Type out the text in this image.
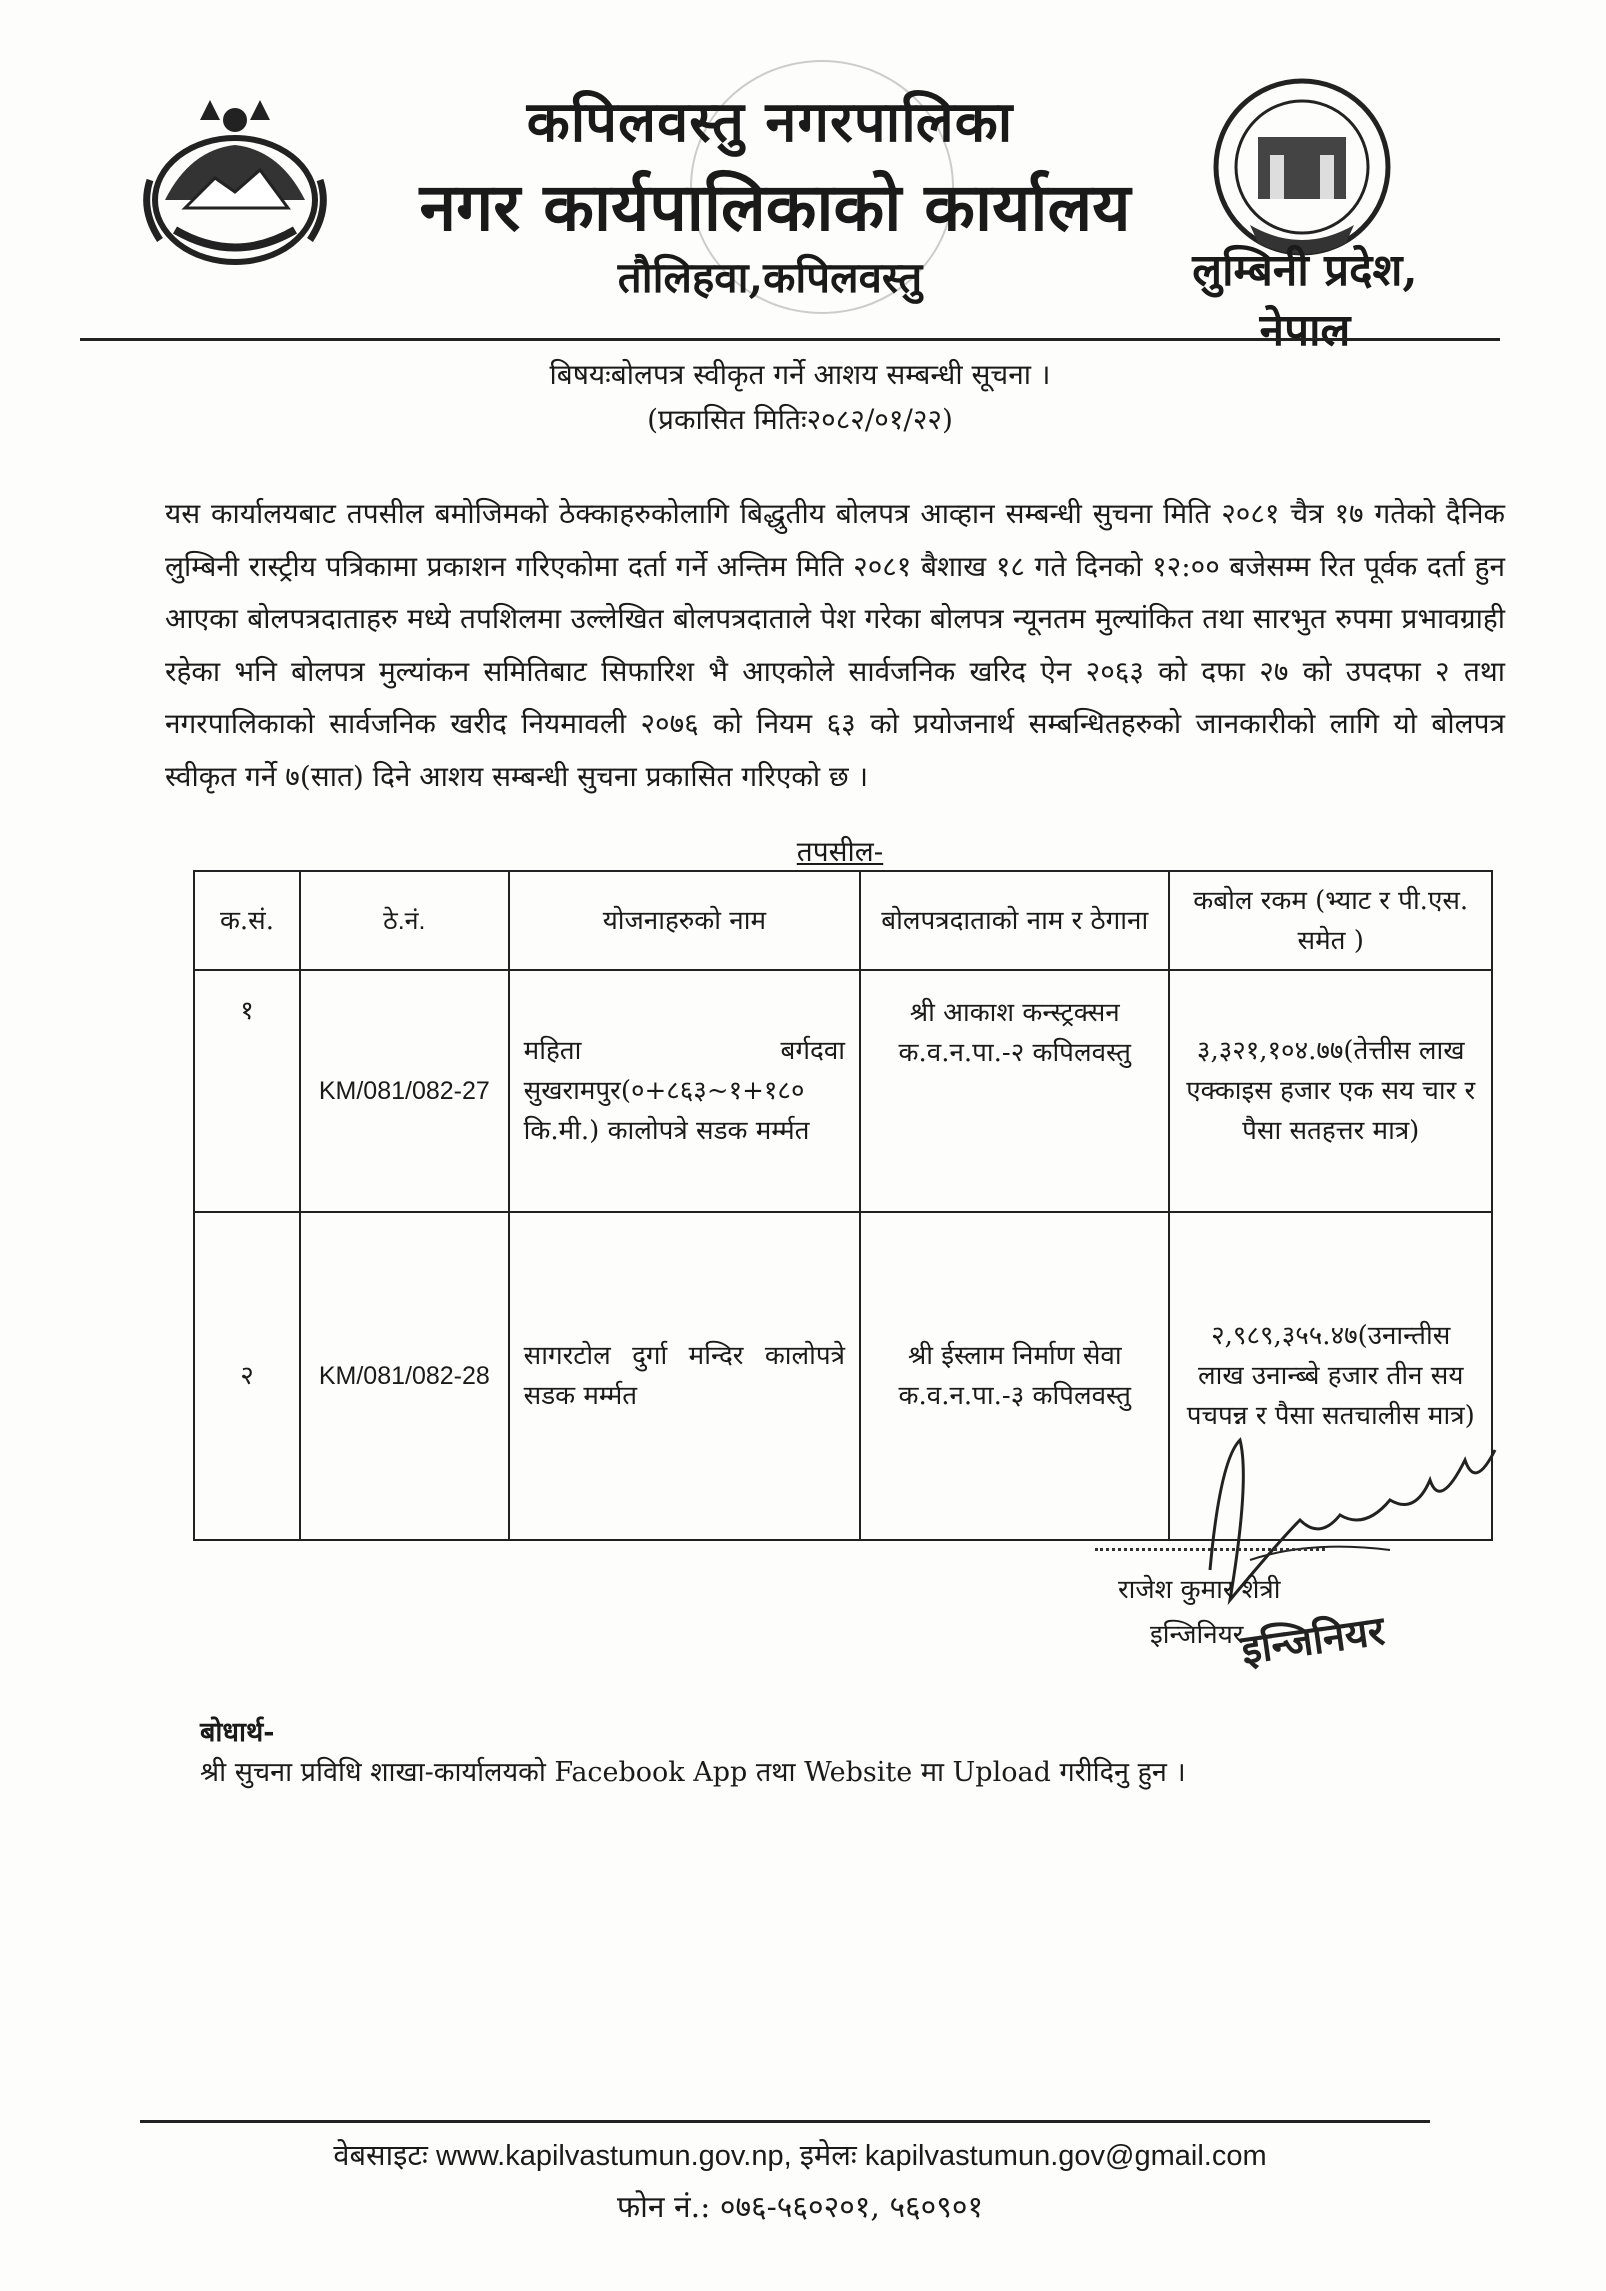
कपिलवस्तु नगरपालिका
नगर कार्यपालिकाको कार्यालय
तौलिहवा,कपिलवस्तु	लुम्बिनी प्रदेश, नेपाल
बिषयःबोलपत्र स्वीकृत गर्ने आशय सम्बन्धी सूचना ।
(प्रकासित मितिः२०८२/०१/२२)
यस कार्यालयबाट तपसील बमोजिमको ठेक्काहरुकोलागि बिद्धुतीय बोलपत्र आव्हान सम्बन्धी सुचना मिति २०८१ चैत्र १७ गतेको दैनिक लुम्बिनी रास्ट्रीय पत्रिकामा प्रकाशन गरिएकोमा दर्ता गर्ने अन्तिम मिति २०८१ बैशाख १८ गते दिनको १२:०० बजेसम्म रित पूर्वक दर्ता हुन आएका बोलपत्रदाताहरु मध्ये तपशिलमा उल्लेखित बोलपत्रदाताले पेश गरेका बोलपत्र न्यूनतम मुल्यांकित तथा सारभुत रुपमा प्रभावग्राही रहेका भनि बोलपत्र मुल्यांकन समितिबाट सिफारिश भै आएकोले सार्वजनिक खरिद ऐन २०६३ को दफा २७ को उपदफा २ तथा नगरपालिकाको सार्वजनिक खरीद नियमावली २०७६ को नियम ६३ को प्रयोजनार्थ सम्बन्धितहरुको जानकारीको लागि यो बोलपत्र स्वीकृत गर्ने ७(सात) दिने आशय सम्बन्धी सुचना प्रकासित गरिएको छ ।
तपसील-
क.सं.	ठे.नं.	योजनाहरुको नाम	बोलपत्रदाताको नाम र ठेगाना	कबोल रकम (भ्याट र पी.एस. समेत )
१	KM/081/082-27	महिता बर्गदवा सुखरामपुर(०+८६३~१+१८० कि.मी.) कालोपत्रे सडक मर्म्मत	श्री आकाश कन्स्ट्रक्सन क.व.न.पा.-२ कपिलवस्तु	३,३२१,१०४.७७(तेत्तीस लाख एक्काइस हजार एक सय चार र पैसा सतहत्तर मात्र)
२	KM/081/082-28	सागरटोल दुर्गा मन्दिर कालोपत्रे सडक मर्म्मत	श्री ईस्लाम निर्माण सेवा क.व.न.पा.-३ कपिलवस्तु	२,९८९,३५५.४७(उनान्तीस लाख उनान्ब्बे हजार तीन सय पचपन्न र पैसा सतचालीस मात्र)
राजेश कुमार शेत्री
इन्जिनियर
इन्जिनियर
बोधार्थ-
श्री सुचना प्रविधि शाखा-कार्यालयको Facebook App तथा Website मा Upload गरीदिनु हुन ।
वेबसाइटः www.kapilvastumun.gov.np, इमेलः kapilvastumun.gov@gmail.com
फोन नं.: ०७६-५६०२०१, ५६०९०१
